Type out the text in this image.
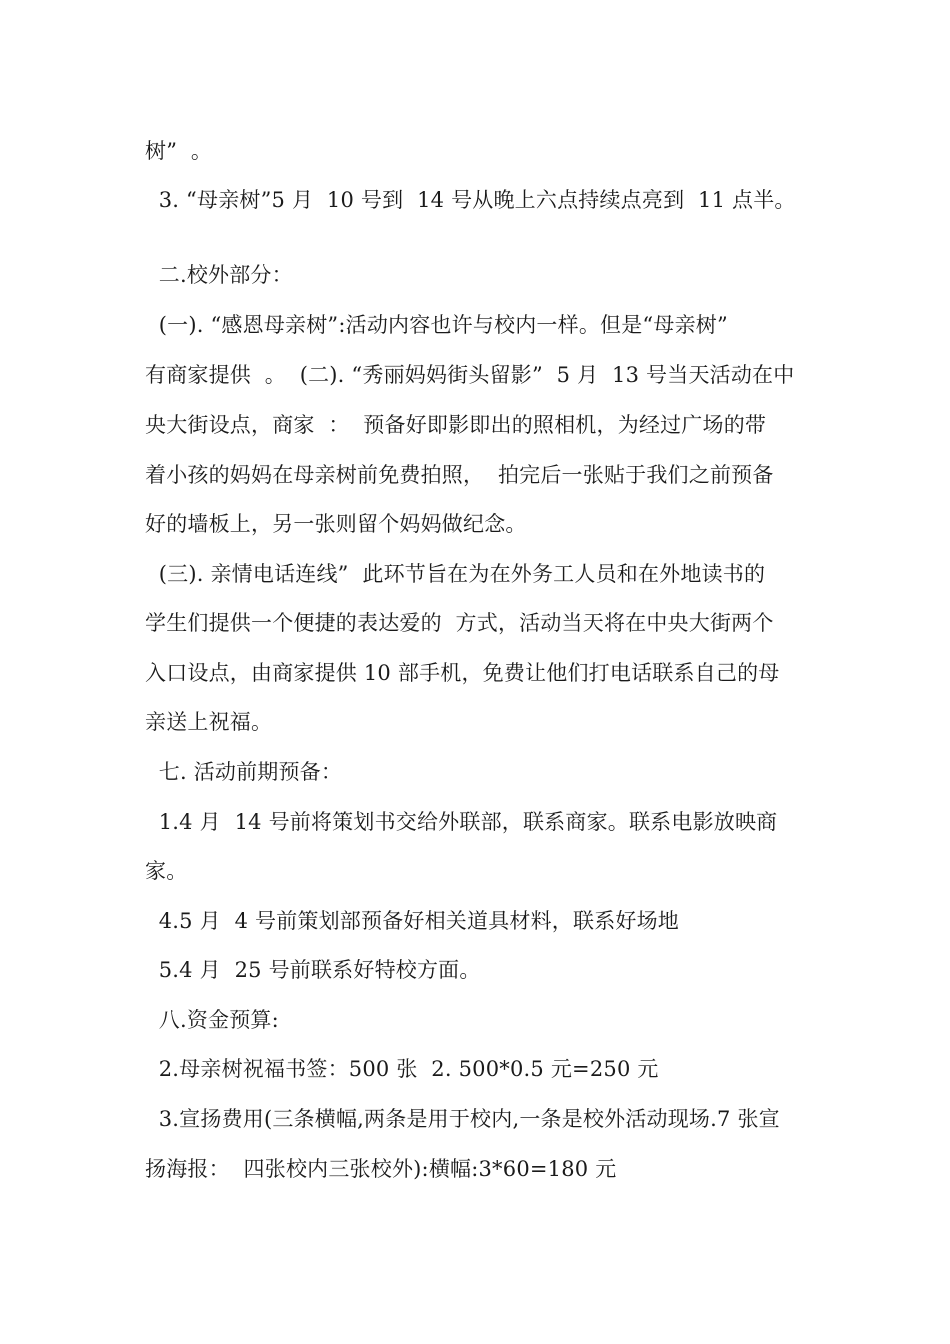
树”  。
3. “母亲树”5 月  10 号到  14 号从晚上六点持续点亮到  11 点半。
二.校外部分：
(一). “感恩母亲树”:活动内容也许与校内一样。但是“母亲树”
有商家提供  。  (二). “秀丽妈妈街头留影”  5 月  13 号当天活动在中
央大街设点，商家  ：  预备好即影即出的照相机，为经过广场的带
着小孩的妈妈在母亲树前免费拍照，  拍完后一张贴于我们之前预备
好的墙板上，另一张则留个妈妈做纪念。
(三). 亲情电话连线”  此环节旨在为在外务工人员和在外地读书的
学生们提供一个便捷的表达爱的  方式，活动当天将在中央大街两个
入口设点，由商家提供 10 部手机，免费让他们打电话联系自己的母
亲送上祝福。
七. 活动前期预备：
1.4 月  14 号前将策划书交给外联部，联系商家。联系电影放映商
家。
4.5 月  4 号前策划部预备好相关道具材料，联系好场地
5.4 月  25 号前联系好特校方面。
八.资金预算:
2.母亲树祝福书签：500 张  2. 500*0.5 元=250 元
3.宣扬费用(三条横幅,两条是用于校内,一条是校外活动现场.7 张宣
扬海报：  四张校内三张校外):横幅:3*60=180 元
